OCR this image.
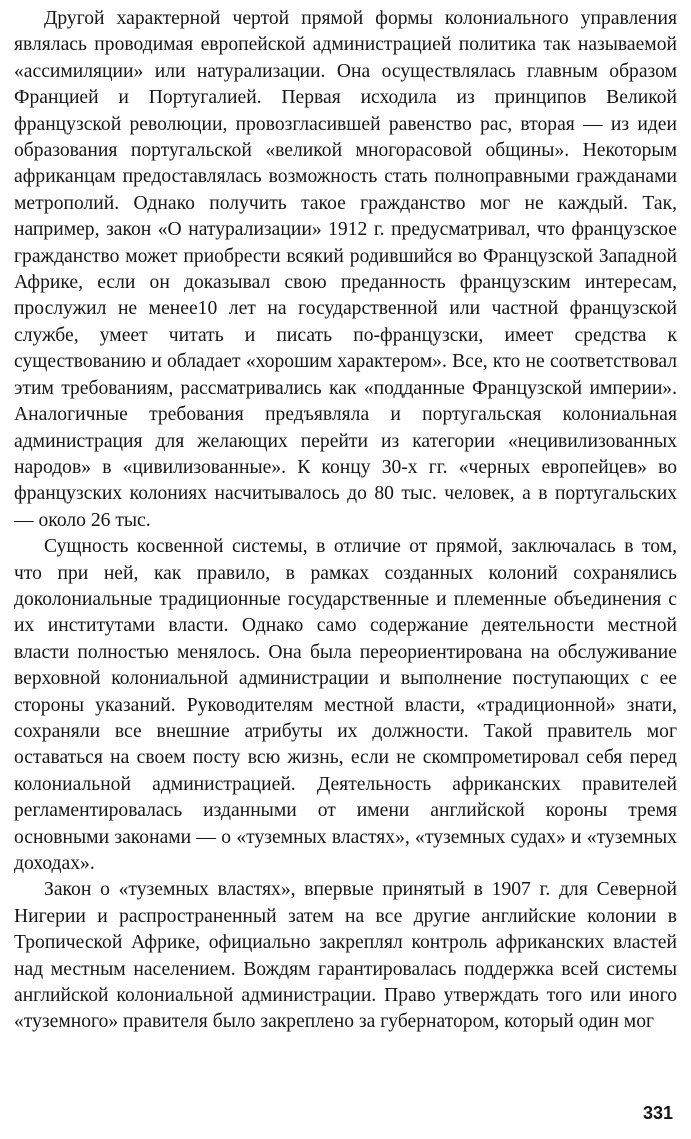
Другой характерной чертой прямой формы колониального управления являлась проводимая европейской администрацией политика так называемой «ассимиляции» или натурализации. Она осуществлялась главным образом Францией и Португалией. Первая исходила из принципов Великой французской революции, провозгласившей равенство рас, вторая — из идеи образования португальской «великой многорасовой общины». Некоторым африканцам предоставлялась возможность стать полноправными гражданами метрополий. Однако получить такое гражданство мог не каждый. Так, например, закон «О натурализации» 1912 г. предусматривал, что французское гражданство может приобрести всякий родившийся во Французской Западной Африке, если он доказывал свою преданность французским интересам, прослужил не менее10 лет на государственной или частной французской службе, умеет читать и писать по-французски, имеет средства к существованию и обладает «хорошим характером». Все, кто не соответствовал этим требованиям, рассматривались как «подданные Французской империи». Аналогичные требования предъявляла и португальская колониальная администрация для желающих перейти из категории «нецивилизованных народов» в «цивилизованные». К концу 30-х гг. «черных европейцев» во французских колониях насчитывалось до 80 тыс. человек, а в португальских — около 26 тыс.

Сущность косвенной системы, в отличие от прямой, заключалась в том, что при ней, как правило, в рамках созданных колоний сохранялись доколониальные традиционные государственные и племенные объединения с их институтами власти. Однако само содержание деятельности местной власти полностью менялось. Она была переориентирована на обслуживание верховной колониальной администрации и выполнение поступающих с ее стороны указаний. Руководителям местной власти, «традиционной» знати, сохраняли все внешние атрибуты их должности. Такой правитель мог оставаться на своем посту всю жизнь, если не скомпрометировал себя перед колониальной администрацией. Деятельность африканских правителей регламентировалась изданными от имени английской короны тремя основными законами — о «туземных властях», «туземных судах» и «туземных доходах».

Закон о «туземных властях», впервые принятый в 1907 г. для Северной Нигерии и распространенный затем на все другие английские колонии в Тропической Африке, официально закреплял контроль африканских властей над местным населением. Вождям гарантировалась поддержка всей системы английской колониальной администрации. Право утверждать того или иного «туземного» правителя было закреплено за губернатором, который один мог

331
